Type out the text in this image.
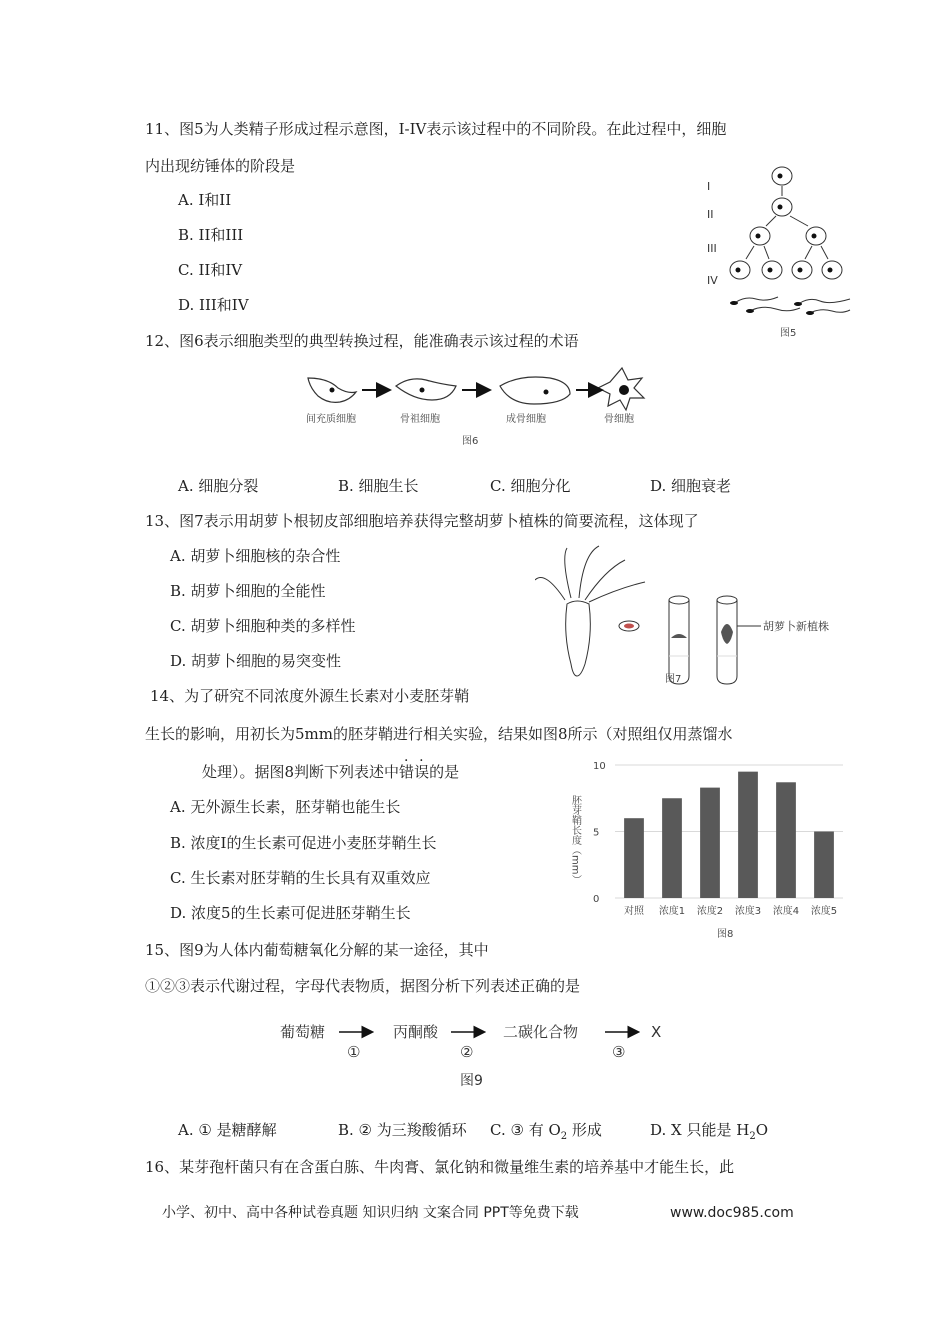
11、图5为人类精子形成过程示意图，I-IV表示该过程中的不同阶段。在此过程中，细胞
内出现纺锤体的阶段是
A. I和II
B. II和III
C. II和IV
D. III和IV
I
II
III
IV
图5
12、图6表示细胞类型的典型转换过程，能准确表示该过程的术语
间充质细胞	骨祖细胞	成骨细胞	骨细胞
图6
A. 细胞分裂	B. 细胞生长	C. 细胞分化	D. 细胞衰老
13、图7表示用胡萝卜根韧皮部细胞培养获得完整胡萝卜植株的简要流程，这体现了
A. 胡萝卜细胞核的杂合性
B. 胡萝卜细胞的全能性
C. 胡萝卜细胞种类的多样性
D. 胡萝卜细胞的易突变性
胡萝卜新植株
图7
14、为了研究不同浓度外源生长素对小麦胚芽鞘
生长的影响，用初长为5mm的胚芽鞘进行相关实验，结果如图8所示（对照组仅用蒸馏水
处理）。据图8判断下列表述中错误的是
A. 无外源生长素，胚芽鞘也能生长
B. 浓度I的生长素可促进小麦胚芽鞘生长
C. 生长素对胚芽鞘的生长具有双重效应
D. 浓度5的生长素可促进胚芽鞘生长	对照 浓度1 浓度2 浓度3 浓度4 浓度5
0
5
10
胚芽鞘长度（mm）
图8
15、图9为人体内葡萄糖氧化分解的某一途径，其中
①②③表示代谢过程，字母代表物质，据图分析下列表述正确的是
葡萄糖	丙酮酸	二碳化合物	X
①	②	③
图9
A. ① 是糖酵解	B. ② 为三羧酸循环 C. ③ 有 $O_2$ 形成	D. X 只能是 $H_2O$
16、某芽孢杆菌只有在含蛋白胨、牛肉膏、氯化钠和微量维生素的培养基中才能生长，此
小学、初中、高中各种试卷真题 知识归纳 文案合同 PPT等免费下载	www.doc985.com
